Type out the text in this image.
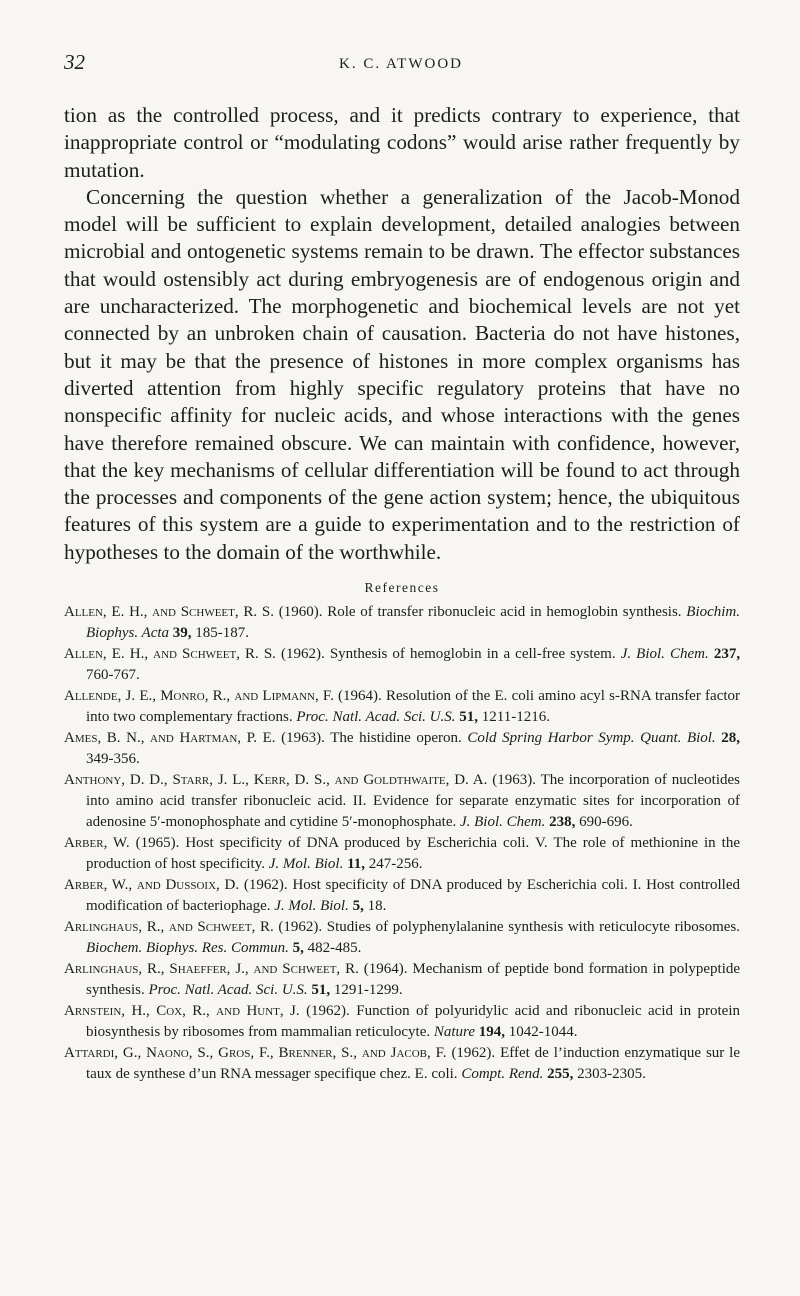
32	K. C. ATWOOD

tion as the controlled process, and it predicts contrary to experience, that inappropriate control or “modulating codons” would arise rather frequently by mutation.

Concerning the question whether a generalization of the Jacob-Monod model will be sufficient to explain development, detailed analogies between microbial and ontogenetic systems remain to be drawn. The effector substances that would ostensibly act during embryogenesis are of endogenous origin and are uncharacterized. The morphogenetic and biochemical levels are not yet connected by an unbroken chain of causation. Bacteria do not have histones, but it may be that the presence of histones in more complex organisms has diverted attention from highly specific regulatory proteins that have no nonspecific affinity for nucleic acids, and whose interactions with the genes have therefore remained obscure. We can maintain with confidence, however, that the key mechanisms of cellular differentiation will be found to act through the processes and components of the gene action system; hence, the ubiquitous features of this system are a guide to experimentation and to the restriction of hypotheses to the domain of the worthwhile.

References
Allen, E. H., and Schweet, R. S. (1960). Role of transfer ribonucleic acid in hemoglobin synthesis. Biochim. Biophys. Acta 39, 185-187.
Allen, E. H., and Schweet, R. S. (1962). Synthesis of hemoglobin in a cell-free system. J. Biol. Chem. 237, 760-767.
Allende, J. E., Monro, R., and Lipmann, F. (1964). Resolution of the E. coli amino acyl s-RNA transfer factor into two complementary fractions. Proc. Natl. Acad. Sci. U.S. 51, 1211-1216.
Ames, B. N., and Hartman, P. E. (1963). The histidine operon. Cold Spring Harbor Symp. Quant. Biol. 28, 349-356.
Anthony, D. D., Starr, J. L., Kerr, D. S., and Goldthwaite, D. A. (1963). The incorporation of nucleotides into amino acid transfer ribonucleic acid. II. Evidence for separate enzymatic sites for incorporation of adenosine 5′-monophosphate and cytidine 5′-monophosphate. J. Biol. Chem. 238, 690-696.
Arber, W. (1965). Host specificity of DNA produced by Escherichia coli. V. The role of methionine in the production of host specificity. J. Mol. Biol. 11, 247-256.
Arber, W., and Dussoix, D. (1962). Host specificity of DNA produced by Escherichia coli. I. Host controlled modification of bacteriophage. J. Mol. Biol. 5, 18.
Arlinghaus, R., and Schweet, R. (1962). Studies of polyphenylalanine synthesis with reticulocyte ribosomes. Biochem. Biophys. Res. Commun. 5, 482-485.
Arlinghaus, R., Shaeffer, J., and Schweet, R. (1964). Mechanism of peptide bond formation in polypeptide synthesis. Proc. Natl. Acad. Sci. U.S. 51, 1291-1299.
Arnstein, H., Cox, R., and Hunt, J. (1962). Function of polyuridylic acid and ribonucleic acid in protein biosynthesis by ribosomes from mammalian reticulocyte. Nature 194, 1042-1044.
Attardi, G., Naono, S., Gros, F., Brenner, S., and Jacob, F. (1962). Effet de l’induction enzymatique sur le taux de synthese d’un RNA messager specifique chez. E. coli. Compt. Rend. 255, 2303-2305.
